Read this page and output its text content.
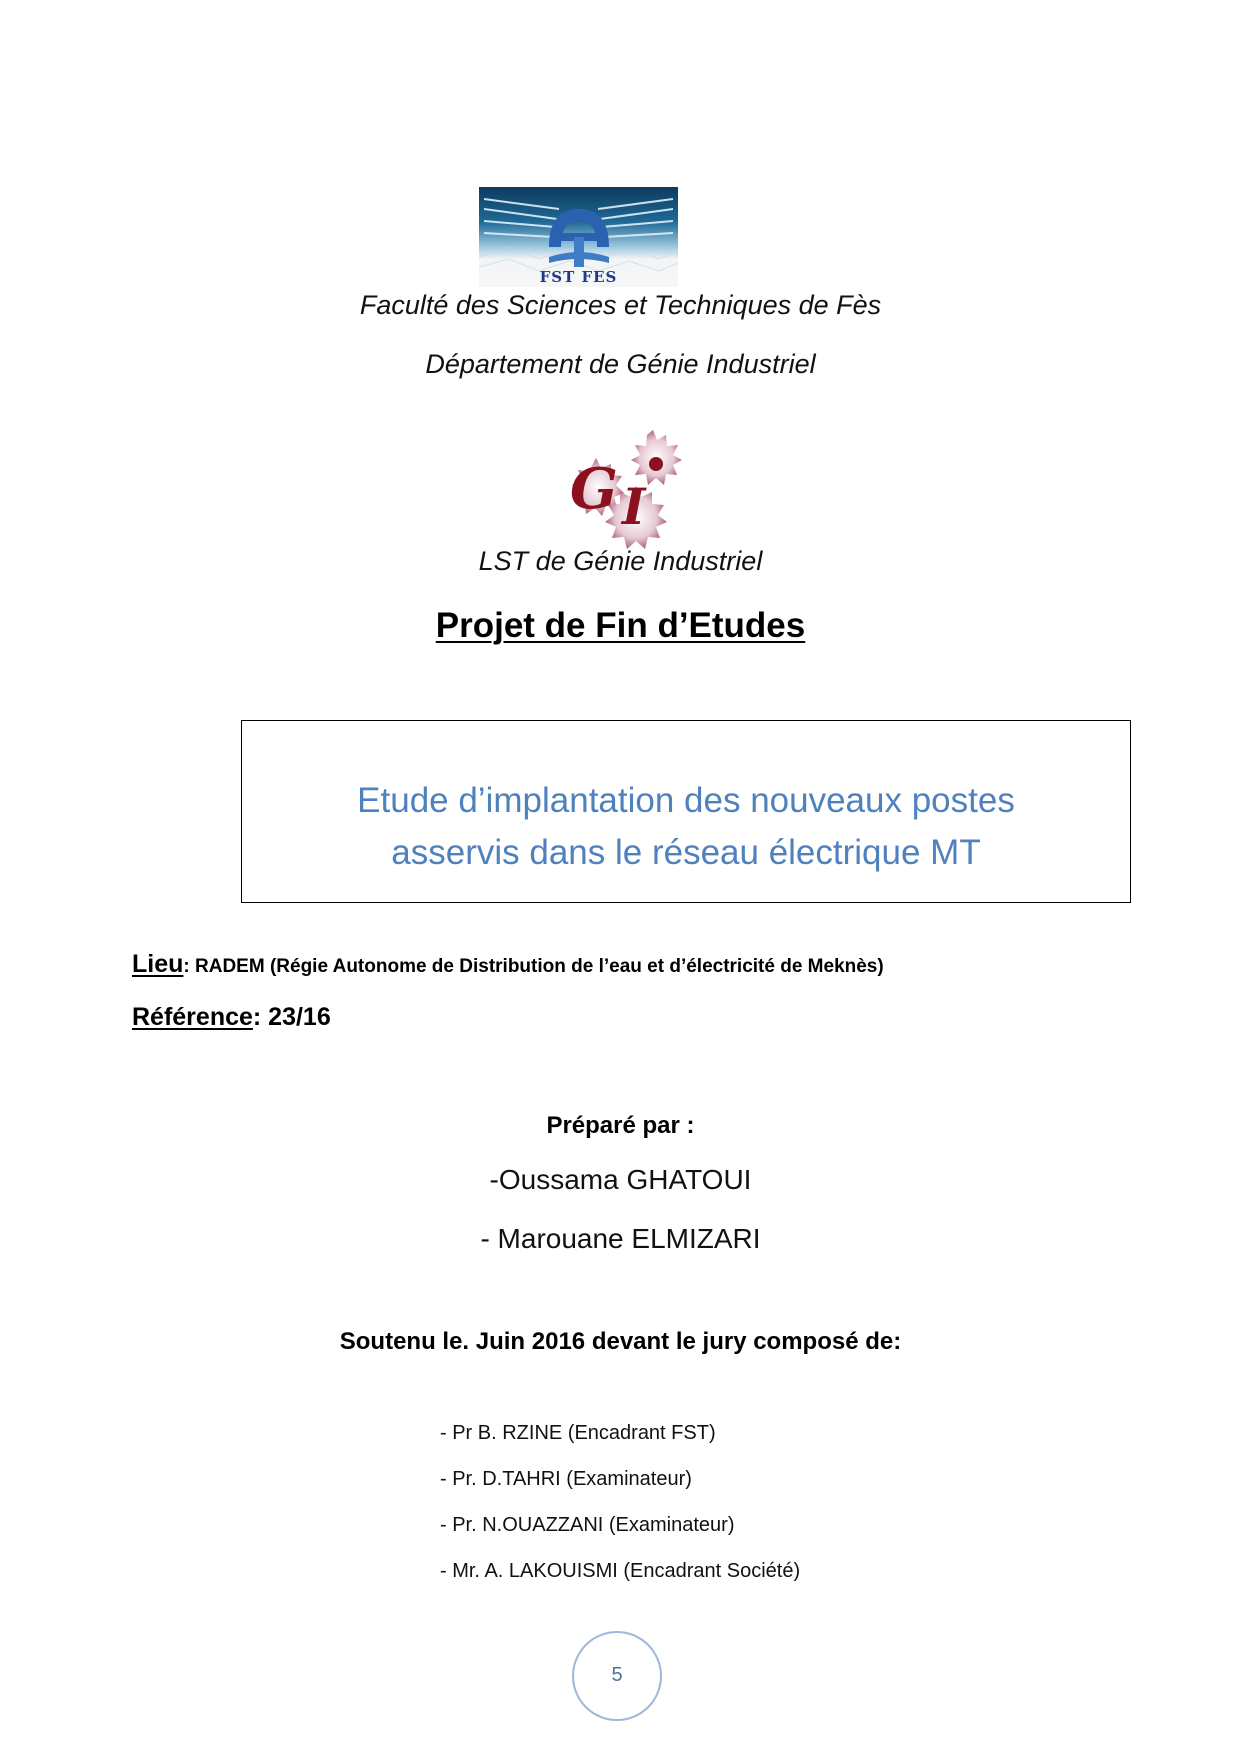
FST FES
Faculté des Sciences et Techniques de Fès
Département de Génie Industriel
G I
LST de Génie Industriel
Projet de Fin d’Etudes
Etude d’implantation des nouveaux postes
asservis dans le réseau électrique MT
Lieu: RADEM (Régie Autonome de Distribution de l’eau et d’électricité de Meknès)
Référence: 23/16
Préparé par :
-Oussama GHATOUI
- Marouane ELMIZARI
Soutenu le. Juin 2016 devant le jury composé de:
- Pr B. RZINE (Encadrant FST)
- Pr. D.TAHRI (Examinateur)
- Pr. N.OUAZZANI (Examinateur)
- Mr. A. LAKOUISMI (Encadrant Société)
5
